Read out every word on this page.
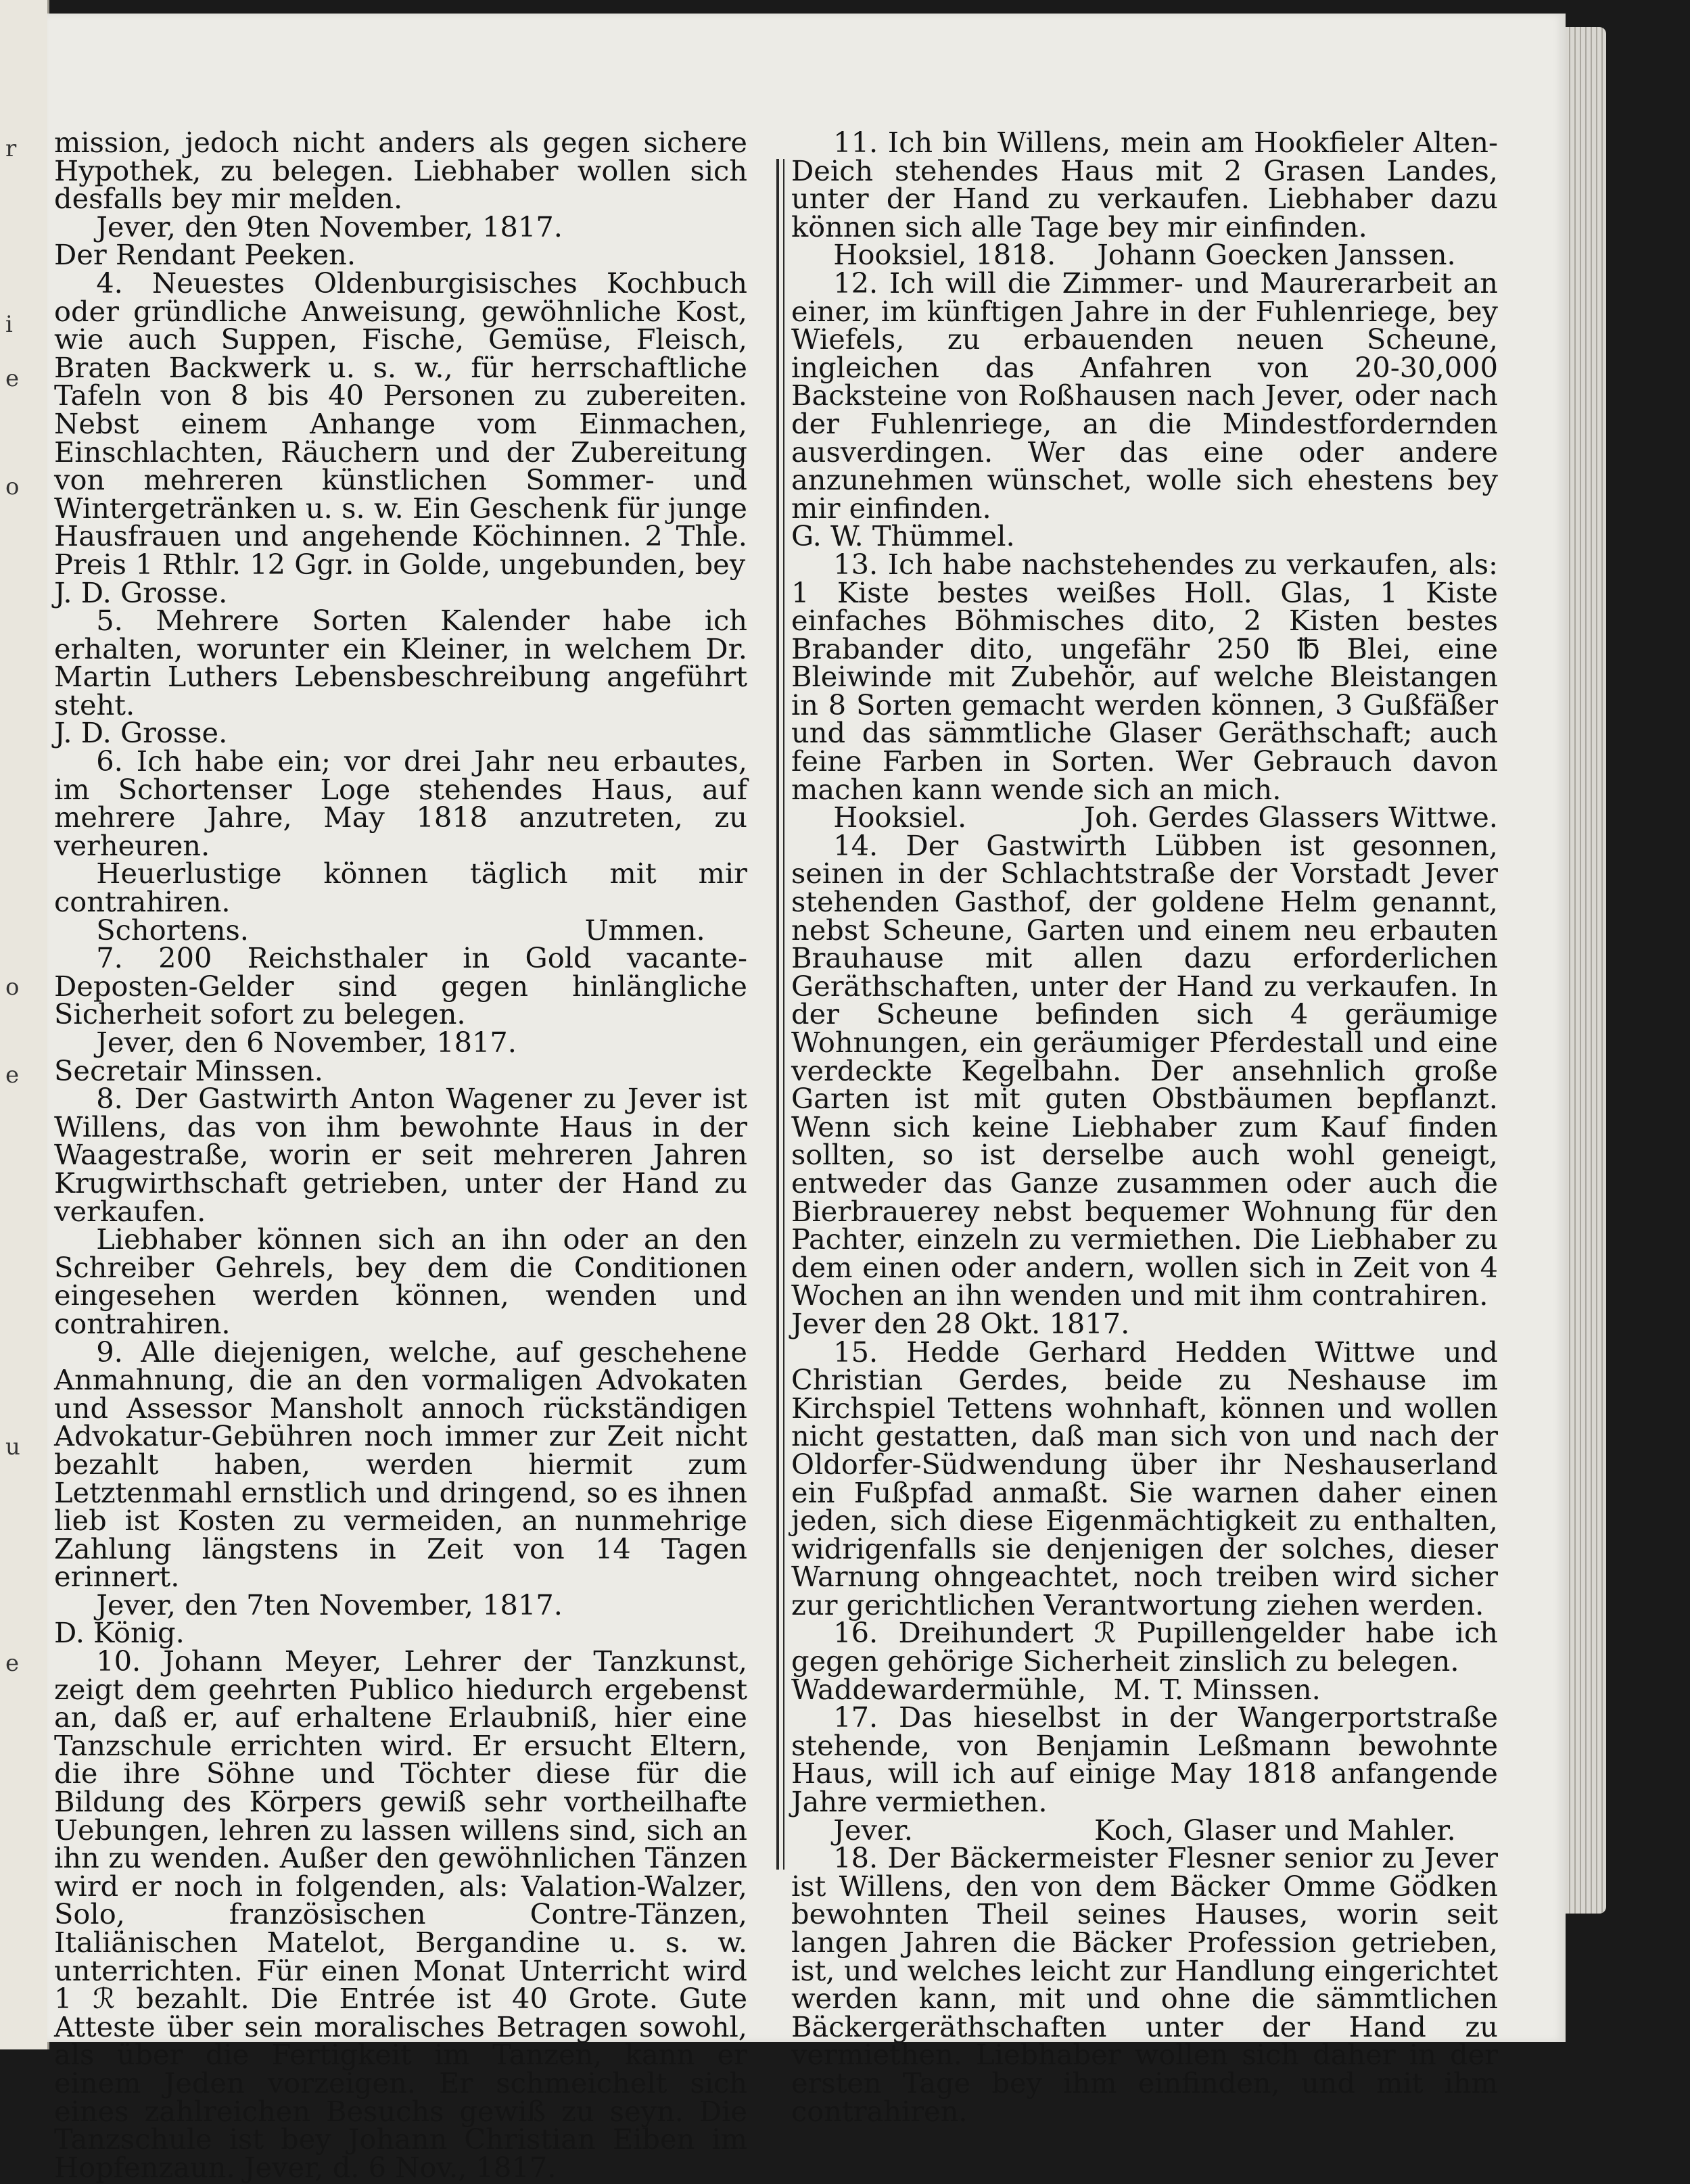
r
i
e
o
o
e
u
e

mission, jedoch nicht anders als gegen sichere Hypothek, zu belegen. Liebhaber wollen sich desfalls bey mir melden.

Jever, den 9ten November, 1817.

Der Rendant Peeken.

4. Neuestes Oldenburgisisches Kochbuch oder gründliche Anweisung, gewöhnliche Kost, wie auch Suppen, Fische, Gemüse, Fleisch, Braten Backwerk u. s. w., für herrschaftliche Tafeln von 8 bis 40 Personen zu zubereiten. Nebst einem Anhange vom Einmachen, Einschlachten, Räuchern und der Zubereitung von mehreren künstlichen Sommer- und Wintergetränken u. s. w. Ein Geschenk für junge Hausfrauen und angehende Köchinnen. 2 Thle. Preis 1 Rthlr. 12 Ggr. in Golde, ungebunden, bey

J. D. Grosse.

5. Mehrere Sorten Kalender habe ich erhalten, worunter ein Kleiner, in welchem Dr. Martin Luthers Lebensbeschreibung angeführt steht.

J. D. Grosse.

6. Ich habe ein; vor drei Jahr neu erbautes, im Schortenser Loge stehendes Haus, auf mehrere Jahre, May 1818 anzutreten, zu verheuren.

Heuerlustige können täglich mit mir contrahiren.

Schortens.	Ummen.

7. 200 Reichsthaler in Gold vacante-Deposten-Gelder sind gegen hinlängliche Sicherheit sofort zu belegen.

Jever, den 6 November, 1817.

Secretair Minssen.

8. Der Gastwirth Anton Wagener zu Jever ist Willens, das von ihm bewohnte Haus in der Waagestraße, worin er seit mehreren Jahren Krugwirthschaft getrieben, unter der Hand zu verkaufen.

Liebhaber können sich an ihn oder an den Schreiber Gehrels, bey dem die Conditionen eingesehen werden können, wenden und contrahiren.

9. Alle diejenigen, welche, auf geschehene Anmahnung, die an den vormaligen Advokaten und Assessor Mansholt annoch rückständigen Advokatur-Gebühren noch immer zur Zeit nicht bezahlt haben, werden hiermit zum Letztenmahl ernstlich und dringend, so es ihnen lieb ist Kosten zu vermeiden, an nunmehrige Zahlung längstens in Zeit von 14 Tagen erinnert.

Jever, den 7ten November, 1817.

D. König.

10. Johann Meyer, Lehrer der Tanzkunst, zeigt dem geehrten Publico hiedurch ergebenst an, daß er, auf erhaltene Erlaubniß, hier eine Tanzschule errichten wird. Er ersucht Eltern, die ihre Söhne und Töchter diese für die Bildung des Körpers gewiß sehr vortheilhafte Uebungen, lehren zu lassen willens sind, sich an ihn zu wenden. Außer den gewöhnlichen Tänzen wird er noch in folgenden, als: Valation-Walzer, Solo, französischen Contre-Tänzen, Italiänischen Matelot, Bergandine u. s. w. unterrichten. Für einen Monat Unterricht wird 1 ℛ bezahlt. Die Entrée ist 40 Grote. Gute Atteste über sein moralisches Betragen sowohl, als über die Fertigkeit im Tanzen, kann er einem Jeden vorzeigen. Er schmeichelt sich eines zahlreichen Besuchs gewiß zu seyn. Die Tanzschule ist bey Johann Christian Eiben im Hopfenzaun. Jever, d. 6 Nov., 1817.

11. Ich bin Willens, mein am Hookfieler Alten-Deich stehendes Haus mit 2 Grasen Landes, unter der Hand zu verkaufen. Liebhaber dazu können sich alle Tage bey mir einfinden.

Hooksiel, 1818. Johann Goecken Janssen.

12. Ich will die Zimmer- und Maurerarbeit an einer, im künftigen Jahre in der Fuhlenriege, bey Wiefels, zu erbauenden neuen Scheune, ingleichen das Anfahren von 20-30,000 Backsteine von Roßhausen nach Jever, oder nach der Fuhlenriege, an die Mindestfordernden ausverdingen. Wer das eine oder andere anzunehmen wünschet, wolle sich ehestens bey mir einfinden.

G. W. Thümmel.

13. Ich habe nachstehendes zu verkaufen, als: 1 Kiste bestes weißes Holl. Glas, 1 Kiste einfaches Böhmisches dito, 2 Kisten bestes Brabander dito, ungefähr 250 ℔ Blei, eine Bleiwinde mit Zubehör, auf welche Bleistangen in 8 Sorten gemacht werden können, 3 Gußfäßer und das sämmtliche Glaser Geräthschaft; auch feine Farben in Sorten. Wer Gebrauch davon machen kann wende sich an mich.

Hooksiel.	Joh. Gerdes Glassers Wittwe.

14. Der Gastwirth Lübben ist gesonnen, seinen in der Schlachtstraße der Vorstadt Jever stehenden Gasthof, der goldene Helm genannt, nebst Scheune, Garten und einem neu erbauten Brauhause mit allen dazu erforderlichen Geräthschaften, unter der Hand zu verkaufen. In der Scheune befinden sich 4 geräumige Wohnungen, ein geräumiger Pferdestall und eine verdeckte Kegelbahn. Der ansehnlich große Garten ist mit guten Obstbäumen bepflanzt. Wenn sich keine Liebhaber zum Kauf finden sollten, so ist derselbe auch wohl geneigt, entweder das Ganze zusammen oder auch die Bierbrauerey nebst bequemer Wohnung für den Pachter, einzeln zu vermiethen. Die Liebhaber zu dem einen oder andern, wollen sich in Zeit von 4 Wochen an ihn wenden und mit ihm contrahiren.

Jever den 28 Okt. 1817.

15. Hedde Gerhard Hedden Wittwe und Christian Gerdes, beide zu Neshause im Kirchspiel Tettens wohnhaft, können und wollen nicht gestatten, daß man sich von und nach der Oldorfer-Südwendung über ihr Neshauserland ein Fußpfad anmaßt. Sie warnen daher einen jeden, sich diese Eigenmächtigkeit zu enthalten, widrigenfalls sie denjenigen der solches, dieser Warnung ohngeachtet, noch treiben wird sicher zur gerichtlichen Verantwortung ziehen werden.

16. Dreihundert ℛ Pupillengelder habe ich gegen gehörige Sicherheit zinslich zu belegen.

Waddewardermühle, M. T. Minssen.

17. Das hieselbst in der Wangerportstraße stehende, von Benjamin Leßmann bewohnte Haus, will ich auf einige May 1818 anfangende Jahre vermiethen.

Jever.	Koch, Glaser und Mahler.

18. Der Bäckermeister Flesner senior zu Jever ist Willens, den von dem Bäcker Omme Gödken bewohnten Theil seines Hauses, worin seit langen Jahren die Bäcker Profession getrieben, ist, und welches leicht zur Handlung eingerichtet werden kann, mit und ohne die sämmtlichen Bäckergeräthschaften unter der Hand zu vermiethen. Liebhaber wollen sich daher in der ersten Tage bey ihm einfinden, und mit ihm contrahiren.
